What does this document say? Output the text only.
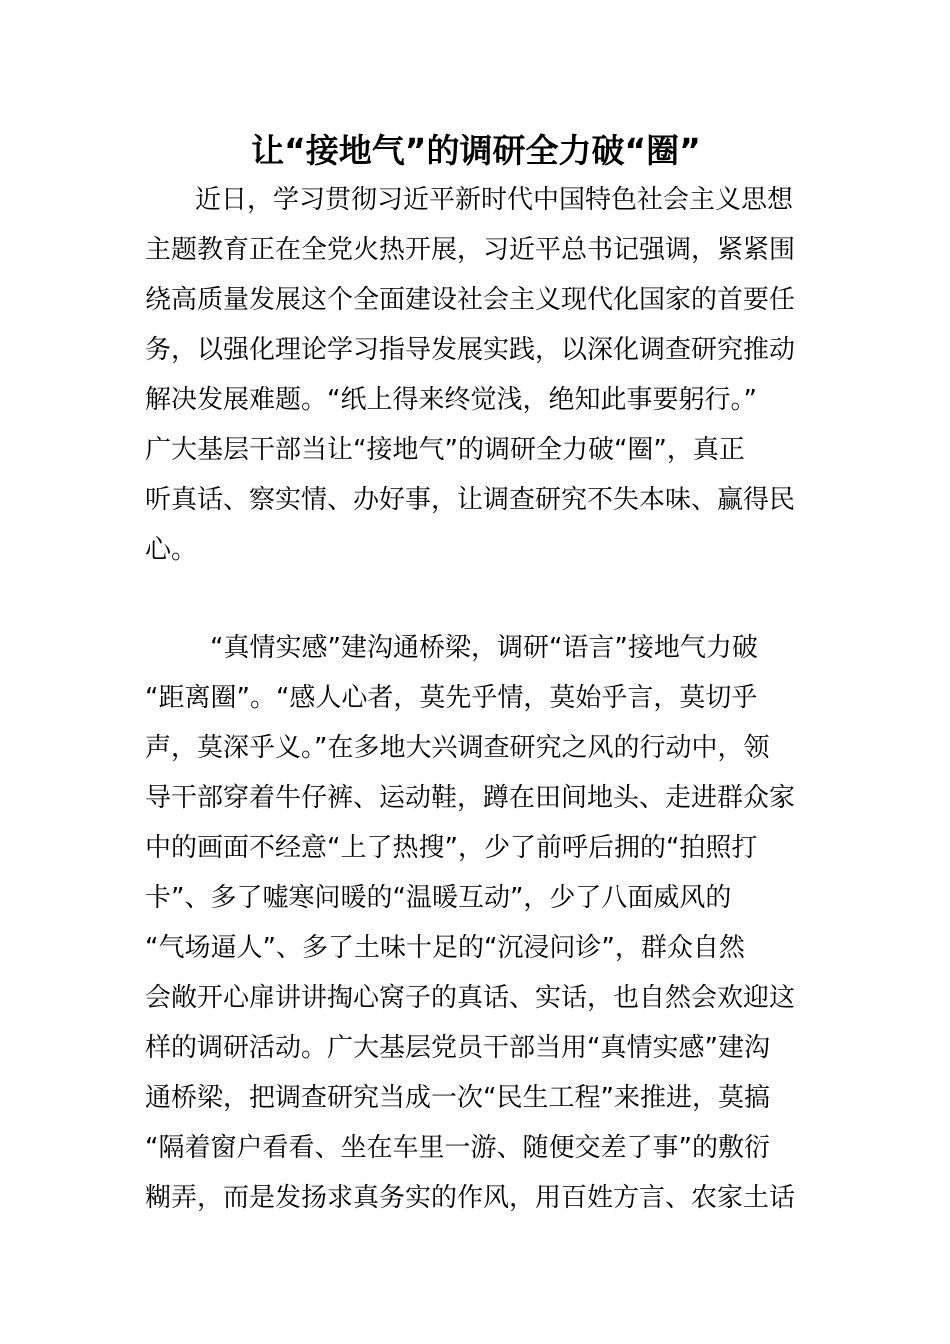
让“接地气”的调研全力破“圈”

近日，学习贯彻习近平新时代中国特色社会主义思想

主题教育正在全党火热开展，习近平总书记强调，紧紧围

绕高质量发展这个全面建设社会主义现代化国家的首要任

务，以强化理论学习指导发展实践，以深化调查研究推动

解决发展难题。“纸上得来终觉浅，绝知此事要躬行。”

广大基层干部当让“接地气”的调研全力破“圈”，真正

听真话、察实情、办好事，让调查研究不失本味、赢得民

心。

“真情实感”建沟通桥梁，调研“语言”接地气力破

“距离圈”。“感人心者，莫先乎情，莫始乎言，莫切乎

声，莫深乎义。”在多地大兴调查研究之风的行动中，领

导干部穿着牛仔裤、运动鞋，蹲在田间地头、走进群众家

中的画面不经意“上了热搜”，少了前呼后拥的“拍照打

卡”、多了嘘寒问暖的“温暖互动”，少了八面威风的

“气场逼人”、多了土味十足的“沉浸问诊”，群众自然

会敞开心扉讲讲掏心窝子的真话、实话，也自然会欢迎这

样的调研活动。广大基层党员干部当用“真情实感”建沟

通桥梁，把调查研究当成一次“民生工程”来推进，莫搞

“隔着窗户看看、坐在车里一游、随便交差了事”的敷衍

糊弄，而是发扬求真务实的作风，用百姓方言、农家土话
